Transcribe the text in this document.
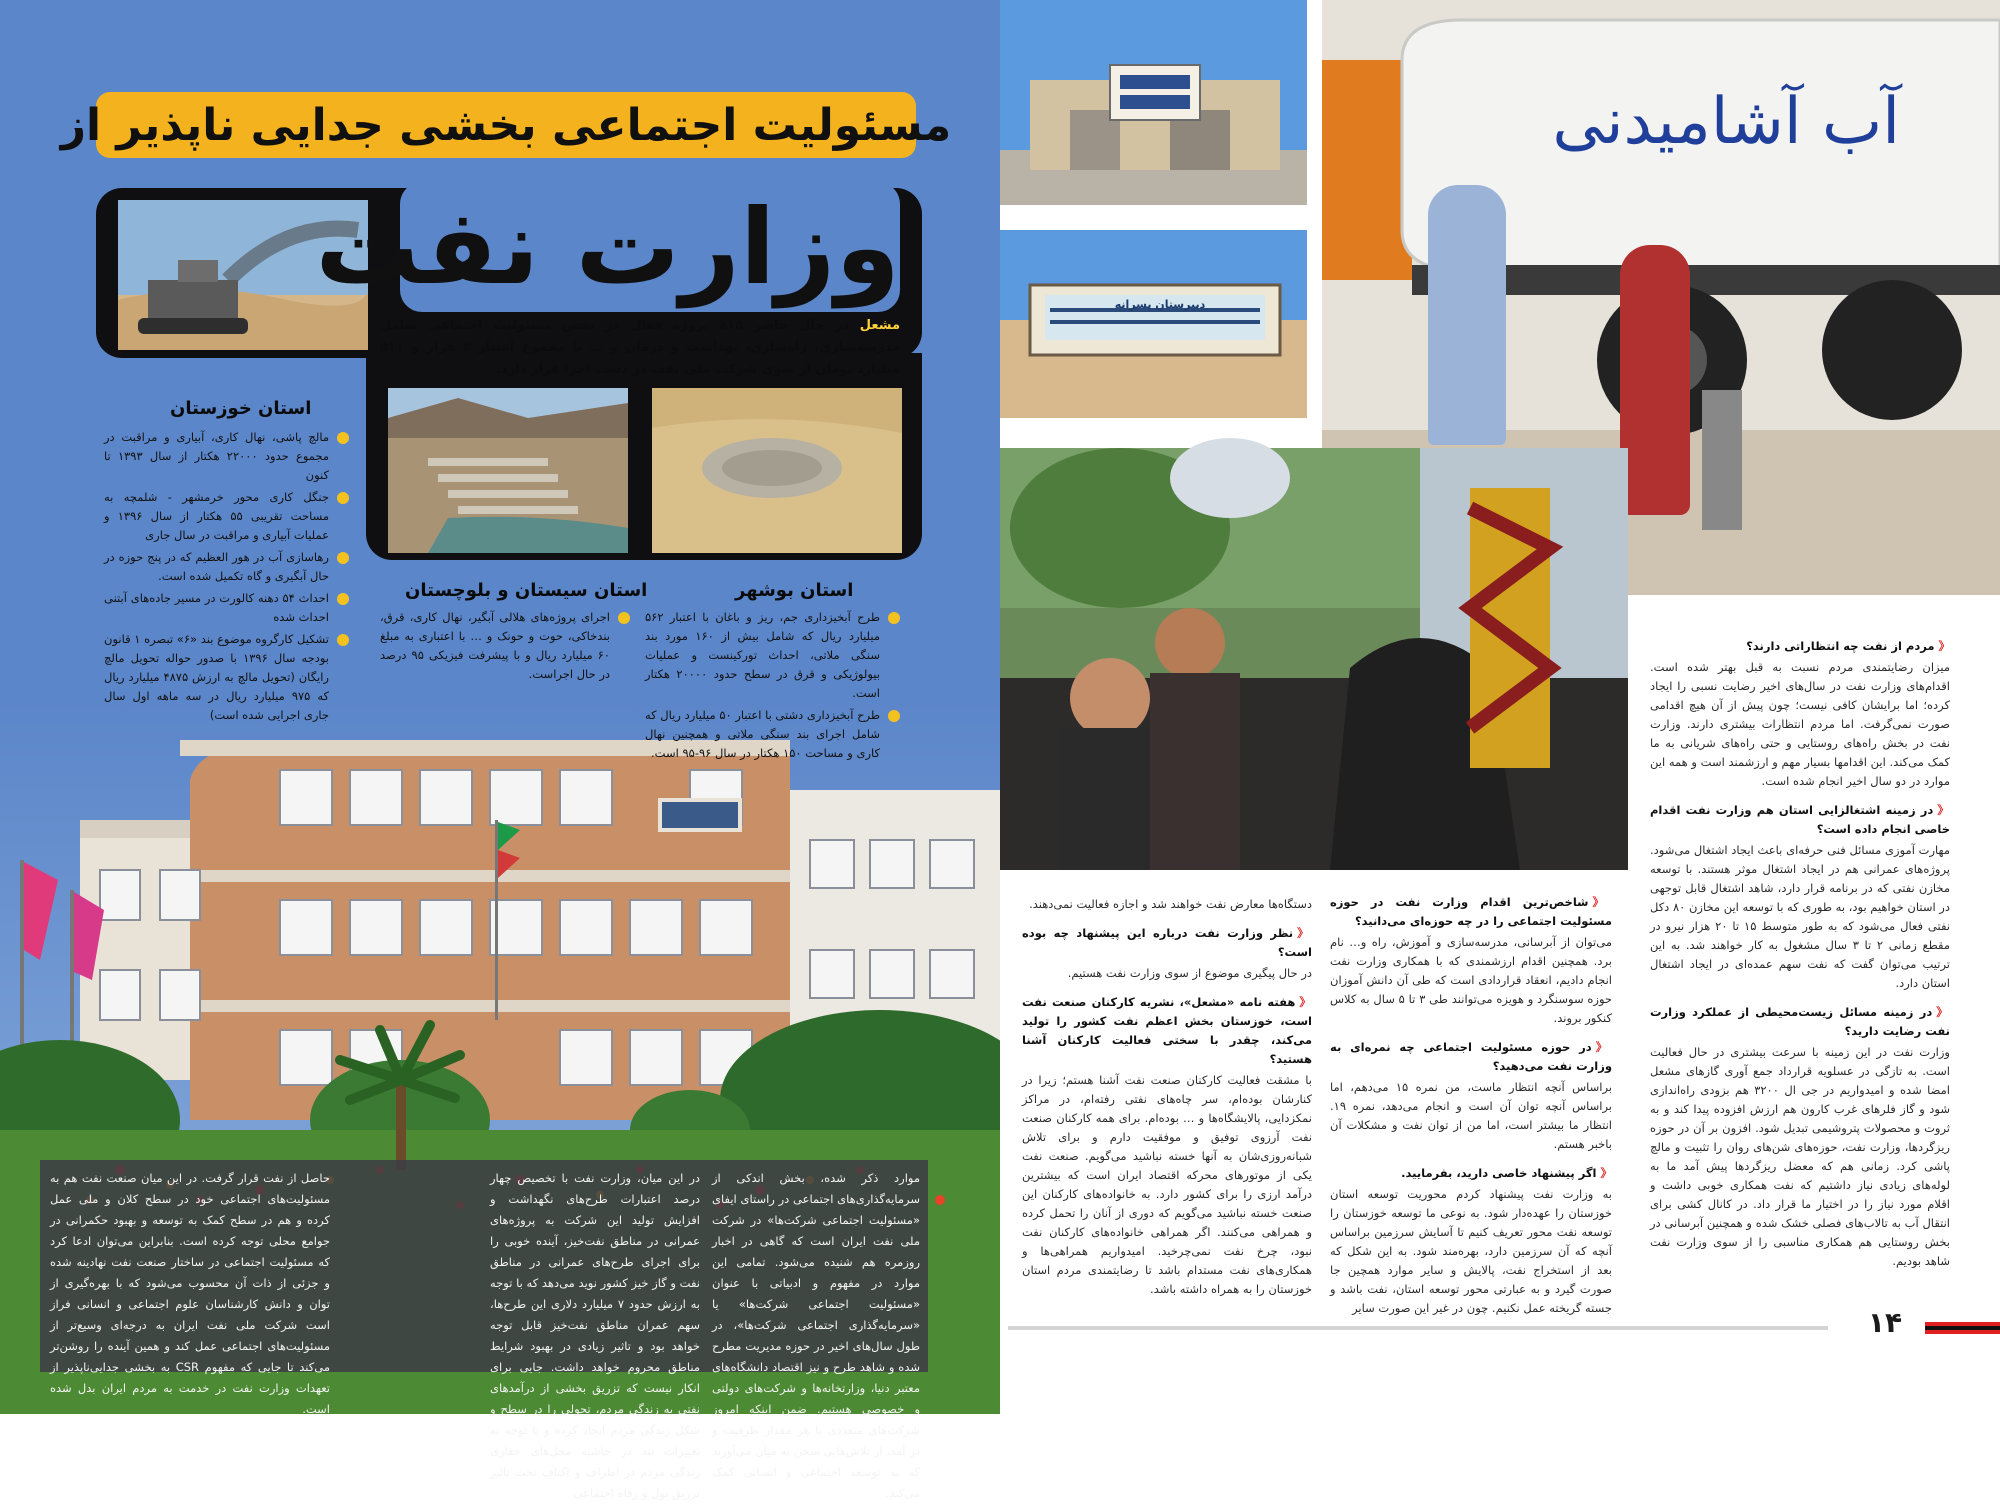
مسئولیت اجتماعی بخشی جدایی ناپذیر از
وزارت نفت

مشعل در حال حاضر ۸۱۵ پروژه فعال در بخش مسئولیت اجتماعی شامل مدرسه‌سازی، راه‌سازی، بهداشت و درمان و … با مجموع اعتبار ۲ هزار و ۵۱۱ میلیارد تومان از سوی شرکت ملی نفت در دست اجرا قرار دارد.

استان خوزستان
مالچ پاشی، نهال کاری، آبیاری و مراقبت در مجموع حدود ۲۲۰۰۰ هکتار از سال ۱۳۹۳ تا کنون
جنگل کاری محور خرمشهر - شلمچه به مساحت تقریبی ۵۵ هکتار از سال ۱۳۹۶ و عملیات آبیاری و مراقبت در سال جاری
رهاسازی آب در هور العظیم که در پنج حوزه در حال آبگیری و گاه تکمیل شده است.
احداث ۵۴ دهنه کالورت در مسیر جاده‌های آبتنی احداث شده
تشکیل کارگروه موضوع بند «۶» تبصره ۱ قانون بودجه سال ۱۳۹۶ با صدور حواله تحویل مالچ رایگان (تحویل مالچ به ارزش ۴۸۷۵ میلیارد ریال که ۹۷۵ میلیارد ریال در سه ماهه اول سال جاری اجرایی شده است)
استان سیستان و بلوچستان
اجرای پروژه‌های هلالی آبگیر، نهال کاری، قرق، بندخاکی، حوت و حونک و … با اعتباری به مبلغ ۶۰ میلیارد ریال و با پیشرفت فیزیکی ۹۵ درصد در حال اجراست.
استان بوشهر
طرح آبخیزداری جم، ریز و باغان با اعتبار ۵۶۲ میلیارد ریال که شامل بیش از ۱۶۰ مورد بند سنگی ملاتی، احداث تورکینست و عملیات بیولوژیکی و قرق در سطح حدود ۲۰۰۰۰ هکتار است.
طرح آبخیزداری دشتی با اعتبار ۵۰ میلیارد ریال که شامل اجرای بند سنگی ملاتی و همچنین نهال کاری و مساحت ۱۵۰ هکتار در سال ۹۶-۹۵ است.

موارد ذکر شده، بخش اندکی از سرمایه‌گذاری‌های اجتماعی در راستای ایفای «مسئولیت اجتماعی شرکت‌ها» در شرکت ملی نفت ایران است که گاهی در اخبار روزمره هم شنیده می‌شود. تمامی این موارد در مفهوم و ادبیاتی با عنوان «مسئولیت اجتماعی شرکت‌ها» یا «سرمایه‌گذاری اجتماعی شرکت‌ها»، در طول سال‌های اخیر در حوزه مدیریت مطرح شده و شاهد طرح و نیز اقتصاد دانشگاه‌های معتبر دنیا، وزارتخانه‌ها و شرکت‌های دولتی و خصوصی هستیم. ضمن اینکه امروز شرکت‌های متعددی با هر مقدار ظرفیت و در آمد، از تلاش‌هایی سخن به میان می‌آورند که به توسعه اجتماعی و انسانی کمک می‌کند.

در این میان، وزارت نفت با تخصیص چهار درصد اعتبارات طرح‌های نگهداشت و افزایش تولید این شرکت به پروژه‌های عمرانی در مناطق نفت‌خیز، آینده خوبی را برای اجرای طرح‌های عمرانی در مناطق نفت و گاز خیز کشور نوید می‌دهد که با توجه به ارزش حدود ۷ میلیارد دلاری این طرح‌ها، سهم عمران مناطق نفت‌خیز قابل توجه خواهد بود و تاثیر زیادی در بهبود شرایط مناطق محروم خواهد داشت. جایی برای انکار نیست که تزریق بخشی از درآمدهای نفتی به زندگی مردم، تحولی را در سطح و شکل زندگی مردم ایجاد کرده و با توجه به تغییرات تند در حاشیه محل‌های حفاری زندگی مردم در اطراف و اکناف تحت تاثیر تزریق پول و رفاه اجتماعی

حاصل از نفت قرار گرفت. در این میان صنعت نفت هم به مسئولیت‌های اجتماعی خود در سطح کلان و ملی عمل کرده و هم در سطح کمک به توسعه و بهبود حکمرانی در جوامع محلی توجه کرده است. بنابراین می‌توان ادعا کرد که مسئولیت اجتماعی در ساختار صنعت نفت نهادینه شده و جزئی از ذات آن محسوب می‌شود که با بهره‌گیری از توان و دانش کارشناسان علوم اجتماعی و انسانی فراز است شرکت ملی نفت ایران به درجه‌ای وسیع‌تر از مسئولیت‌های اجتماعی عمل کند و همین آینده را روشن‌تر می‌کند تا جایی که مفهوم CSR به بخشی جدایی‌ناپذیر از تعهدات وزارت نفت در خدمت به مردم ایران بدل شده است.

دبیرستان پسرانه
آب آشامیدنی

《 مردم از نفت چه انتظاراتی دارند؟

میزان رضایتمندی مردم نسبت به قبل بهتر شده است. اقدام‌های وزارت نفت در سال‌های اخیر رضایت نسبی را ایجاد کرده؛ اما برایشان کافی نیست؛ چون پیش از آن هیچ اقدامی صورت نمی‌گرفت. اما مردم انتظارات بیشتری دارند. وزارت نفت در بخش راه‌های روستایی و حتی راه‌های شریانی به ما کمک می‌کند. این اقدامها بسیار مهم و ارزشمند است و همه این موارد در دو سال اخیر انجام شده است.

《 در زمینه اشتغالزایی استان هم وزارت نفت اقدام خاصی انجام داده است؟

مهارت آموزی مسائل فنی حرفه‌ای باعث ایجاد اشتغال می‌شود. پروژه‌های عمرانی هم در ایجاد اشتغال موثر هستند. با توسعه مخازن نفتی که در برنامه قرار دارد، شاهد اشتغال قابل توجهی در استان خواهیم بود، به طوری که با توسعه این مخازن ۸۰ دکل نفتی فعال می‌شود که به طور متوسط ۱۵ تا ۲۰ هزار نیرو در مقطع زمانی ۲ تا ۳ سال مشغول به کار خواهند شد. به این ترتیب می‌توان گفت که نفت سهم عمده‌ای در ایجاد اشتغال استان دارد.

《 در زمینه مسائل زیست‌محیطی از عملکرد وزارت نفت رضایت دارید؟

وزارت نفت در این زمینه با سرعت بیشتری در حال فعالیت است. به تازگی در عسلویه قرارداد جمع آوری گازهای مشعل امضا شده و امیدواریم در جی ال ۳۲۰۰ هم بزودی راه‌اندازی شود و گاز فلرهای غرب کارون هم ارزش افزوده پیدا کند و به ثروت و محصولات پتروشیمی تبدیل شود. افزون بر آن در حوزه ریزگردها، وزارت نفت، حوزه‌های شن‌های روان را تثبیت و مالچ پاشی کرد. زمانی هم که معضل ریزگردها پیش آمد ما به لوله‌های زیادی نیاز داشتیم که نفت همکاری خوبی داشت و اقلام مورد نیاز را در اختیار ما قرار داد. در کانال کشی برای انتقال آب به تالاب‌های فصلی خشک شده و همچنین آبرسانی در بخش روستایی هم همکاری مناسبی را از سوی وزارت نفت شاهد بودیم.

《 شاخص‌ترین اقدام وزارت نفت در حوزه مسئولیت اجتماعی را در چه حوزه‌ای می‌دانید؟

می‌توان از آبرسانی، مدرسه‌سازی و آموزش، راه و… نام برد. همچنین اقدام ارزشمندی که با همکاری وزارت نفت انجام دادیم، انعقاد قراردادی است که طی آن دانش آموزان حوزه سوسنگرد و هویزه می‌توانند طی ۳ تا ۵ سال به کلاس کنکور بروند.

《 در حوزه مسئولیت اجتماعی چه نمره‌ای به وزارت نفت می‌دهید؟

براساس آنچه انتظار ماست، من نمره ۱۵ می‌دهم، اما براساس آنچه توان آن است و انجام می‌دهد، نمره ۱۹. انتظار ما بیشتر است، اما من از توان نفت و مشکلات آن باخبر هستم.

《 اگر پیشنهاد خاصی دارید، بفرمایید.

به وزارت نفت پیشنهاد کردم محوریت توسعه استان خوزستان را عهده‌دار شود. به نوعی ما توسعه خوزستان را توسعه نفت محور تعریف کنیم تا آسایش سرزمین براساس آنچه که آن سرزمین دارد، بهره‌مند شود. به این شکل که بعد از استخراج نفت، پالایش و سایر موارد همچین جا صورت گیرد و به عبارتی محور توسعه استان، نفت باشد و جسته گریخته عمل نکنیم. چون در غیر این صورت سایر

دستگاه‌ها معارض نفت خواهند شد و اجازه فعالیت نمی‌دهند.

《 نظر وزارت نفت درباره این پیشنهاد چه بوده است؟

در حال پیگیری موضوع از سوی وزارت نفت هستیم.

《 هفته نامه «مشعل»، نشریه کارکنان صنعت نفت است، خوزستان بخش اعظم نفت کشور را تولید می‌کند، چقدر با سختی فعالیت کارکنان آشنا هستید؟

با مشقت فعالیت کارکنان صنعت نفت آشنا هستم؛ زیرا در کنارشان بوده‌ام، سر چاه‌های نفتی رفته‌ام، در مراکز نمکزدایی، پالایشگاه‌ها و … بوده‌ام. برای همه کارکنان صنعت نفت آرزوی توفیق و موفقیت دارم و برای تلاش شبانه‌روزی‌شان به آنها خسته نباشید می‌گویم. صنعت نفت یکی از موتورهای محرکه اقتصاد ایران است که بیشترین درآمد ارزی را برای کشور دارد. به خانواده‌های کارکنان این صنعت خسته نباشید می‌گویم که دوری از آنان را تحمل کرده و همراهی می‌کنند. اگر همراهی خانواده‌های کارکنان نفت نبود، چرخ نفت نمی‌چرخید. امیدواریم همراهی‌ها و همکاری‌های نفت مستدام باشد تا رضایتمندی مردم استان خوزستان را به همراه داشته باشد.

۱۴
